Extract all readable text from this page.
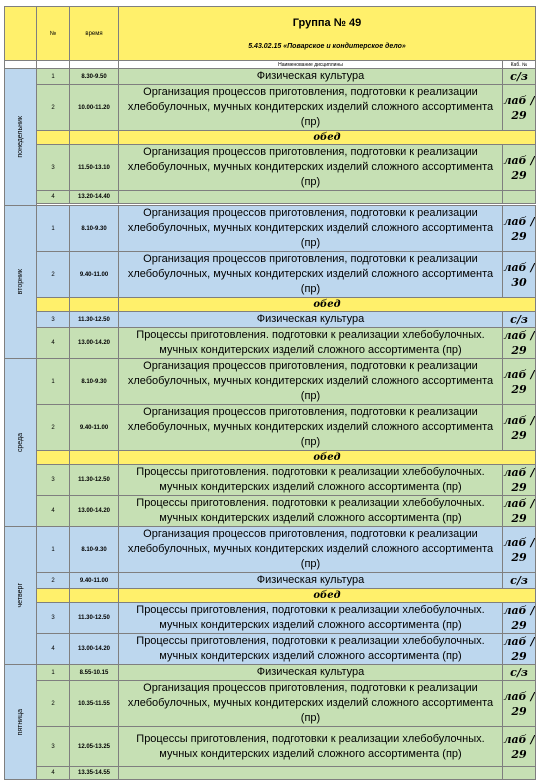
	№	время	Группа № 49
5.43.02.15 «Поварское и кондитерское дело»	

			Наименование дисциплины	Каб. №

понедельник	1	8.30-9.50	Физическая культура	с/з
	2	10.00-11.20	Организация процессов приготовления, подготовки к реализации хлебобулочных, мучных кондитерских изделий сложного ассортимента (пр)	лаб / 29
			обед	
	3	11.50-13.10	Организация процессов приготовления, подготовки к реализации хлебобулочных, мучных кондитерских изделий сложного ассортимента (пр)	лаб / 29
	4	13.20-14.40		

вторник	1	8.10-9.30	Организация процессов приготовления, подготовки к реализации хлебобулочных, мучных кондитерских изделий сложного ассортимента (пр)	лаб / 29
	2	9.40-11.00	Организация процессов приготовления, подготовки к реализации хлебобулочных, мучных кондитерских изделий сложного ассортимента (пр)	лаб / 30
			обед	
	3	11.30-12.50	Физическая культура	с/з
	4	13.00-14.20	Процессы приготовления. подготовки к реализации хлебобулочных. мучных кондитерских изделий сложного ассортимента (пр)	лаб / 29

среда	1	8.10-9.30	Организация процессов приготовления, подготовки к реализации хлебобулочных, мучных кондитерских изделий сложного ассортимента (пр)	лаб / 29
	2	9.40-11.00	Организация процессов приготовления, подготовки к реализации хлебобулочных, мучных кондитерских изделий сложного ассортимента (пр)	лаб / 29
			обед	
	3	11.30-12.50	Процессы приготовления. подготовки к реализации хлебобулочных. мучных кондитерских изделий сложного ассортимента (пр)	лаб / 29
	4	13.00-14.20	Процессы приготовления. подготовки к реализации хлебобулочных. мучных кондитерских изделий сложного ассортимента (пр)	лаб / 29

четверг	1	8.10-9.30	Организация процессов приготовления, подготовки к реализации хлебобулочных, мучных кондитерских изделий сложного ассортимента (пр)	лаб / 29
	2	9.40-11.00	Физическая культура	с/з
			обед	
	3	11.30-12.50	Процессы приготовления, подготовки к реализации хлебобулочных. мучных кондитерских изделий сложного ассортимента (пр)	лаб / 29
	4	13.00-14.20	Процессы приготовления, подготовки к реализации хлебобулочных. мучных кондитерских изделий сложного ассортимента (пр)	лаб / 29

пятница	1	8.55-10.15	Физическая культура	с/з
	2	10.35-11.55	Организация процессов приготовления, подготовки к реализации хлебобулочных, мучных кондитерских изделий сложного ассортимента (пр)	лаб / 29
	3	12.05-13.25	Процессы приготовления, подготовки к реализации хлебобулочных. мучных кондитерских изделий сложного ассортимента (пр)	лаб / 29
	4	13.35-14.55		
